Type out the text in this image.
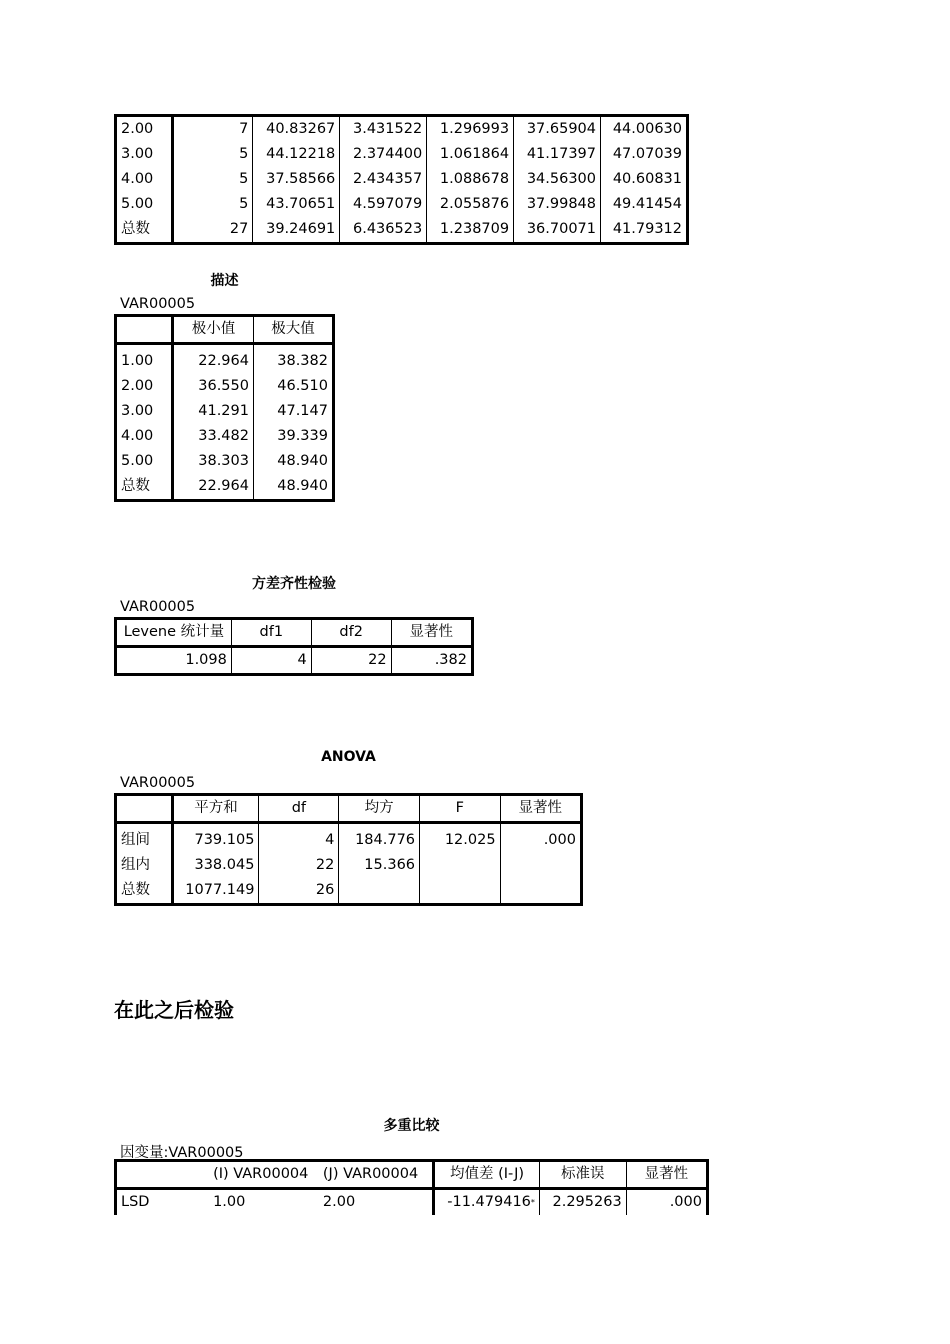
2.00	7	40.83267	3.431522	1.296993	37.65904	44.00630
3.00	5	44.12218	2.374400	1.061864	41.17397	47.07039
4.00	5	37.58566	2.434357	1.088678	34.56300	40.60831
5.00	5	43.70651	4.597079	2.055876	37.99848	49.41454
总数	27	39.24691	6.436523	1.238709	36.70071	41.79312
描述
VAR00005
	极小值	极大值
1.00	22.964	38.382
2.00	36.550	46.510
3.00	41.291	47.147
4.00	33.482	39.339
5.00	38.303	48.940
总数	22.964	48.940
方差齐性检验
VAR00005
Levene 统计量	df1	df2	显著性
1.098	4	22	.382
ANOVA
VAR00005
	平方和	df	均方	F	显著性
组间	739.105	4	184.776	12.025	.000
组内	338.045	22	15.366		
总数	1077.149	26			
在此之后检验
多重比较
因变量:VAR00005
	(I) VAR00004	(J) VAR00004	均值差 (I-J)	标准误	显著性
LSD	1.00	2.00	-11.479416*	2.295263	.000
